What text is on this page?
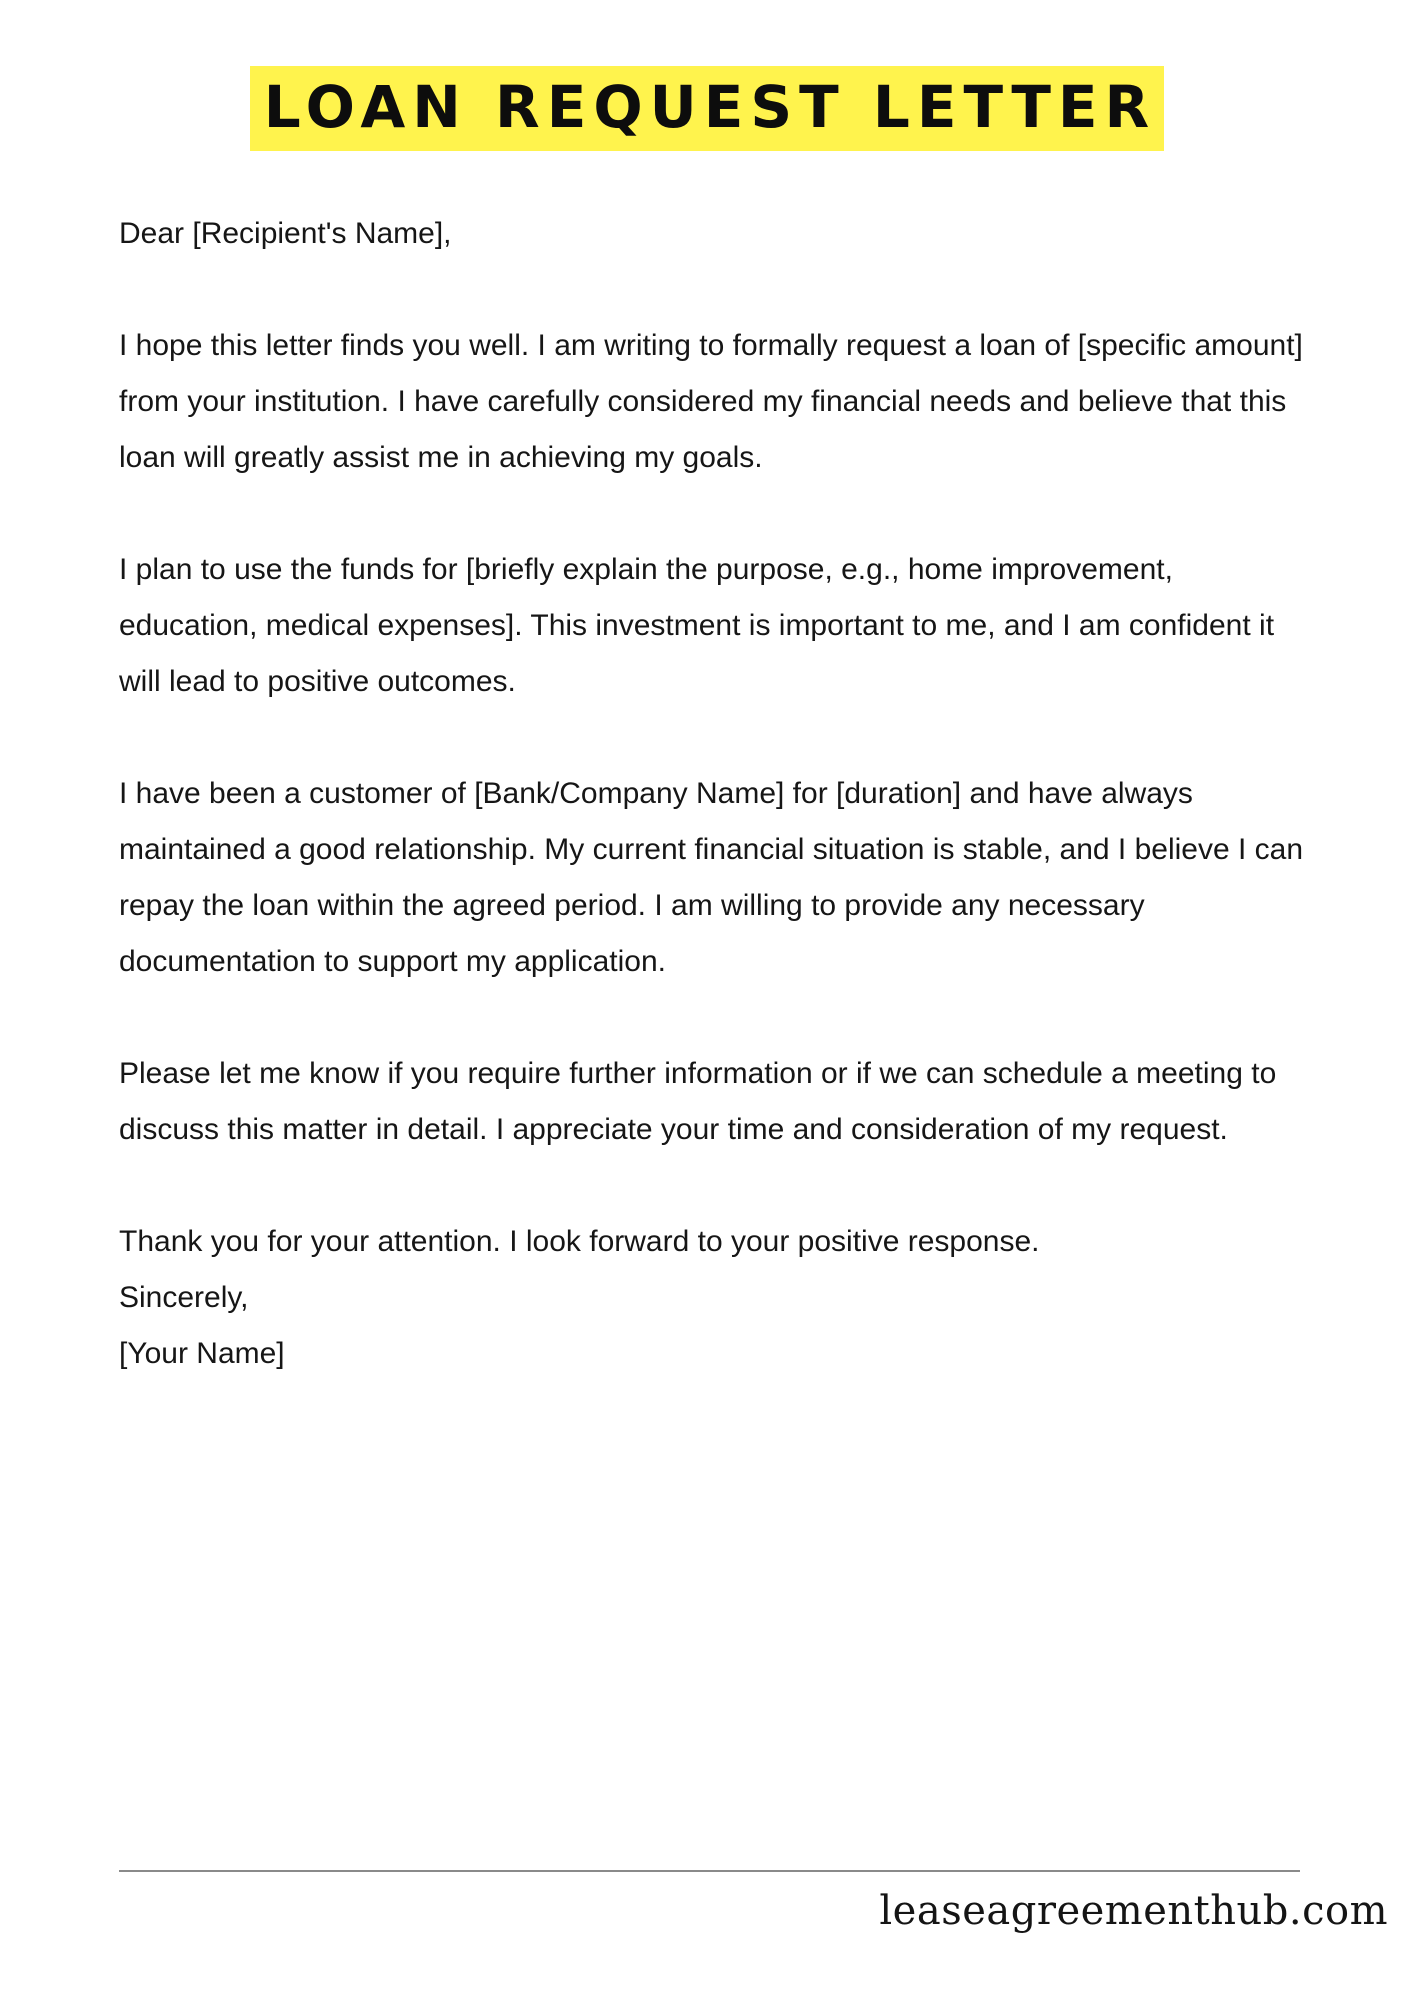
LOAN REQUEST LETTER

Dear [Recipient's Name],

I hope this letter finds you well. I am writing to formally request a loan of [specific amount] from your institution. I have carefully considered my financial needs and believe that this loan will greatly assist me in achieving my goals.

I plan to use the funds for [briefly explain the purpose, e.g., home improvement, education, medical expenses]. This investment is important to me, and I am confident it will lead to positive outcomes.

I have been a customer of [Bank/Company Name] for [duration] and have always maintained a good relationship. My current financial situation is stable, and I believe I can repay the loan within the agreed period. I am willing to provide any necessary documentation to support my application.

Please let me know if you require further information or if we can schedule a meeting to discuss this matter in detail. I appreciate your time and consideration of my request.

Thank you for your attention. I look forward to your positive response.

Sincerely,

[Your Name]

leaseagreementhub.com
